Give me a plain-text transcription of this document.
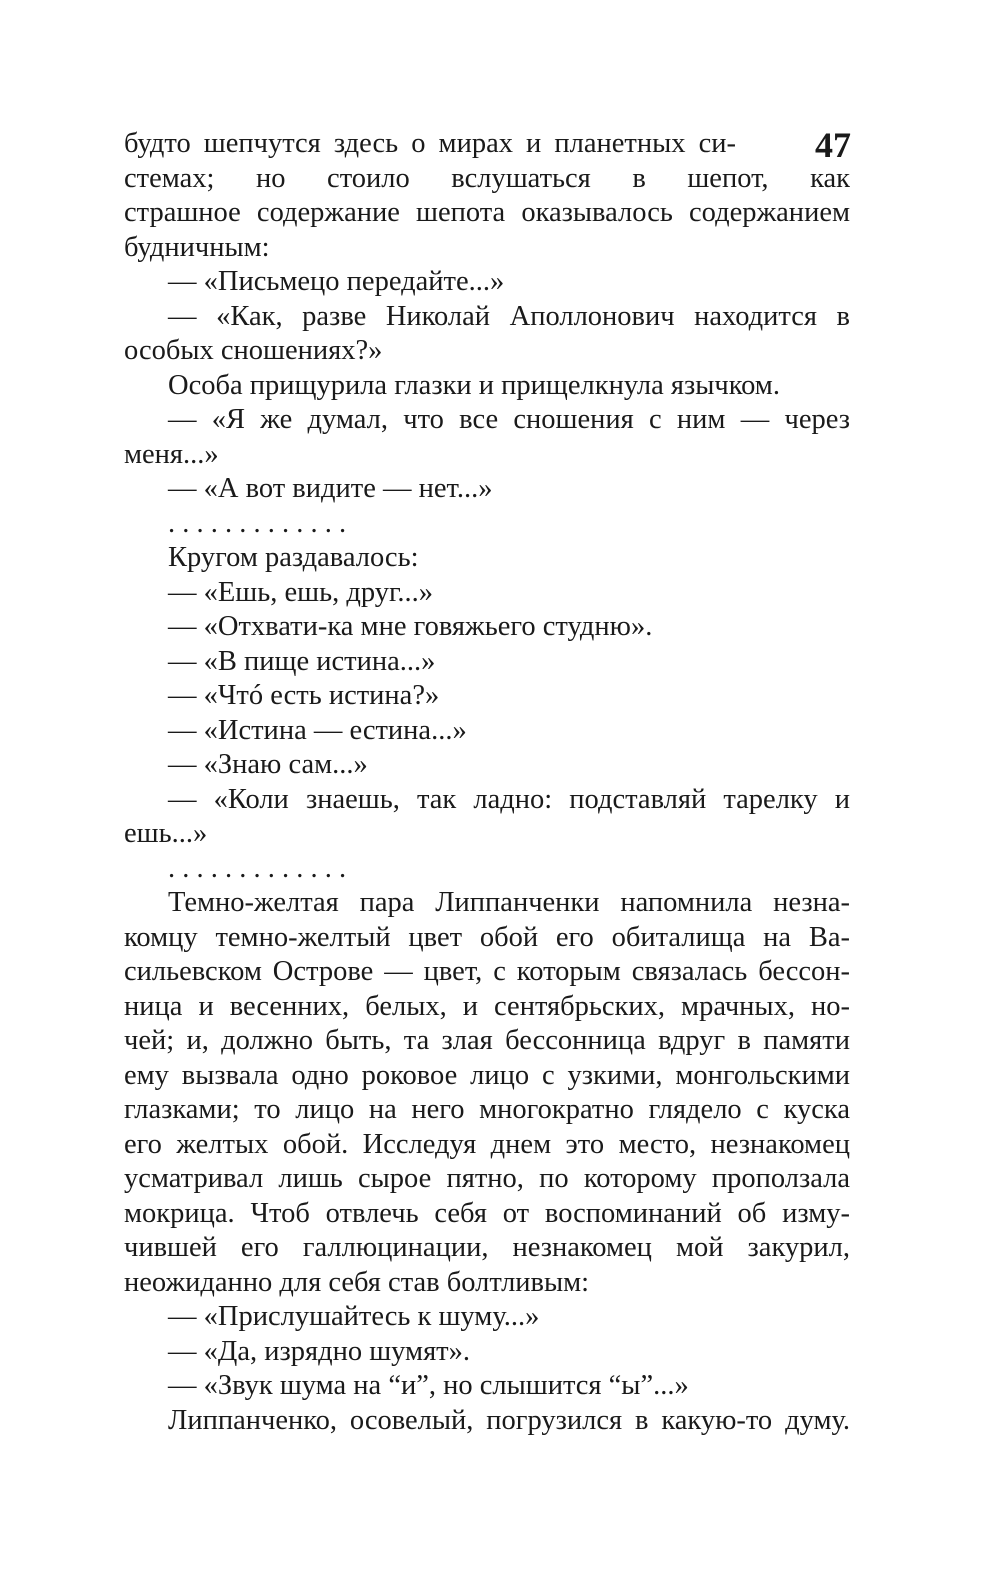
47
будто шепчутся здесь о мирах и планетных си-
стемах; но стоило вслушаться в шепот, как
страшное содержание шепота оказывалось содержанием
будничным:
— «Письмецо передайте...»
— «Как, разве Николай Аполлонович находится в
особых сношениях?»
Особа прищурила глазки и прищелкнула язычком.
— «Я же думал, что все сношения с ним — через
меня...»
— «А вот видите — нет...»
. . . . . . . . . . . . .
Кругом раздавалось:
— «Ешь, ешь, друг...»
— «Отхвати-ка мне говяжьего студню».
— «В пище истина...»
— «Чтó есть истина?»
— «Истина — естина...»
— «Знаю сам...»
— «Коли знаешь, так ладно: подставляй тарелку и
ешь...»
. . . . . . . . . . . . .
Темно-желтая пара Липпанченки напомнила незна-
комцу темно-желтый цвет обой его обиталища на Ва-
сильевском Острове — цвет, с которым связалась бессон-
ница и весенних, белых, и сентябрьских, мрачных, но-
чей; и, должно быть, та злая бессонница вдруг в памяти
ему вызвала одно роковое лицо с узкими, монгольскими
глазками; то лицо на него многократно глядело с куска
его желтых обой. Исследуя днем это место, незнакомец
усматривал лишь сырое пятно, по которому проползала
мокрица. Чтоб отвлечь себя от воспоминаний об изму-
чившей его галлюцинации, незнакомец мой закурил,
неожиданно для себя став болтливым:
— «Прислушайтесь к шуму...»
— «Да, изрядно шумят».
— «Звук шума на “и”, но слышится “ы”...»
Липпанченко, осовелый, погрузился в какую-то думу.
